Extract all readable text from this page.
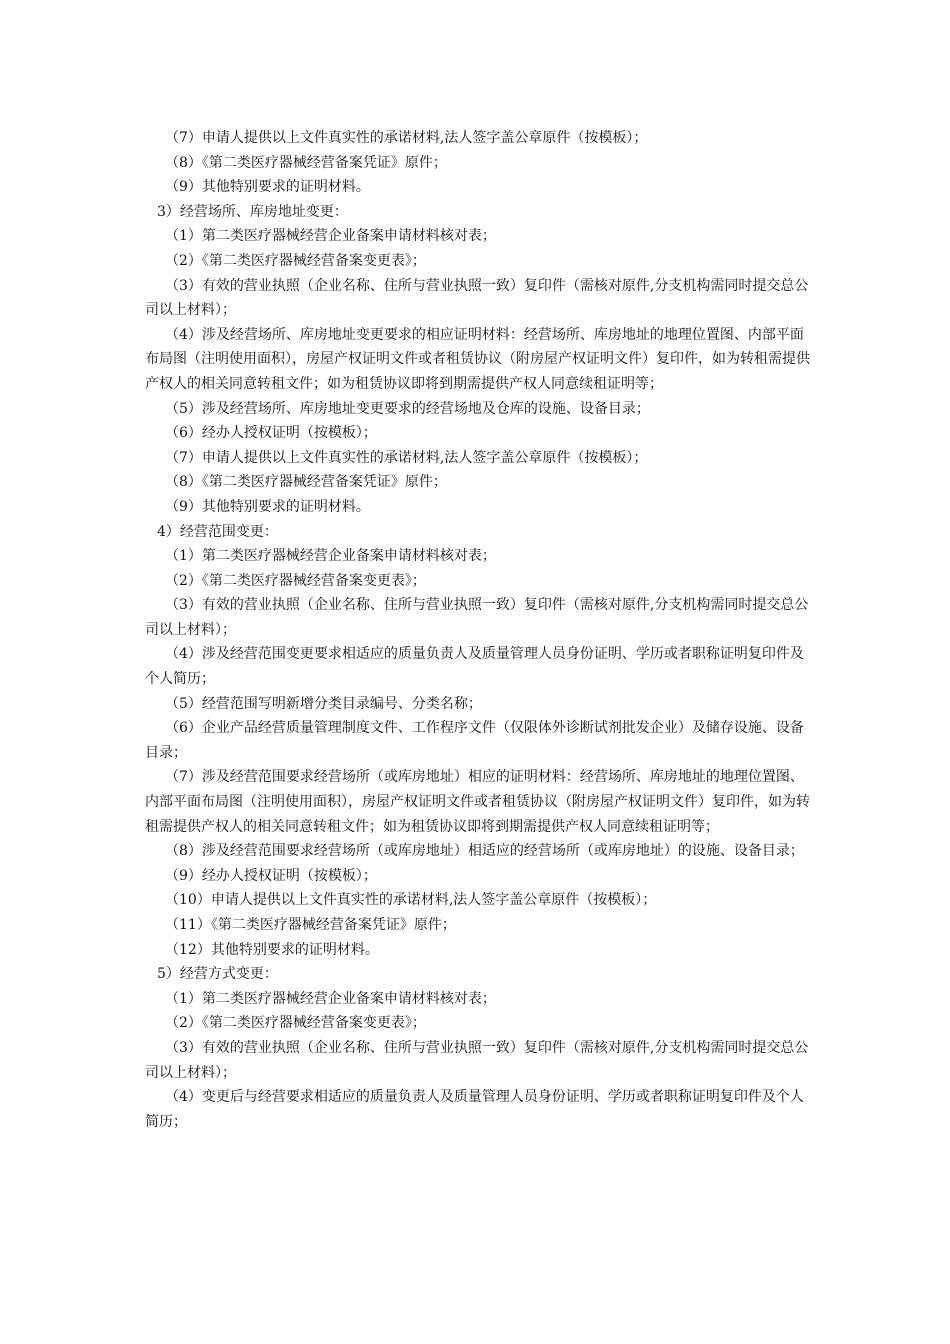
（7）申请人提供以上文件真实性的承诺材料,法人签字盖公章原件（按模板）；

（8）《第二类医疗器械经营备案凭证》原件；

（9）其他特别要求的证明材料。

3）经营场所、库房地址变更：

（1）第二类医疗器械经营企业备案申请材料核对表；

（2）《第二类医疗器械经营备案变更表》；

（3）有效的营业执照（企业名称、住所与营业执照一致）复印件（需核对原件,分支机构需同时提交总公司以上材料）；

（4）涉及经营场所、库房地址变更要求的相应证明材料：经营场所、库房地址的地理位置图、内部平面布局图（注明使用面积），房屋产权证明文件或者租赁协议（附房屋产权证明文件）复印件，如为转租需提供产权人的相关同意转租文件；如为租赁协议即将到期需提供产权人同意续租证明等；

（5）涉及经营场所、库房地址变更要求的经营场地及仓库的设施、设备目录；

（6）经办人授权证明（按模板）；

（7）申请人提供以上文件真实性的承诺材料,法人签字盖公章原件（按模板）；

（8）《第二类医疗器械经营备案凭证》原件；

（9）其他特别要求的证明材料。

4）经营范围变更：

（1）第二类医疗器械经营企业备案申请材料核对表；

（2）《第二类医疗器械经营备案变更表》；

（3）有效的营业执照（企业名称、住所与营业执照一致）复印件（需核对原件,分支机构需同时提交总公司以上材料）；

（4）涉及经营范围变更要求相适应的质量负责人及质量管理人员身份证明、学历或者职称证明复印件及个人简历；

（5）经营范围写明新增分类目录编号、分类名称；

（6）企业产品经营质量管理制度文件、工作程序文件（仅限体外诊断试剂批发企业）及储存设施、设备目录；

（7）涉及经营范围要求经营场所（或库房地址）相应的证明材料：经营场所、库房地址的地理位置图、内部平面布局图（注明使用面积），房屋产权证明文件或者租赁协议（附房屋产权证明文件）复印件，如为转租需提供产权人的相关同意转租文件；如为租赁协议即将到期需提供产权人同意续租证明等；

（8）涉及经营范围要求经营场所（或库房地址）相适应的经营场所（或库房地址）的设施、设备目录；

（9）经办人授权证明（按模板）；

（10）申请人提供以上文件真实性的承诺材料,法人签字盖公章原件（按模板）；

（11）《第二类医疗器械经营备案凭证》原件；

（12）其他特别要求的证明材料。

5）经营方式变更：

（1）第二类医疗器械经营企业备案申请材料核对表；

（2）《第二类医疗器械经营备案变更表》；

（3）有效的营业执照（企业名称、住所与营业执照一致）复印件（需核对原件,分支机构需同时提交总公司以上材料）；

（4）变更后与经营要求相适应的质量负责人及质量管理人员身份证明、学历或者职称证明复印件及个人简历；
